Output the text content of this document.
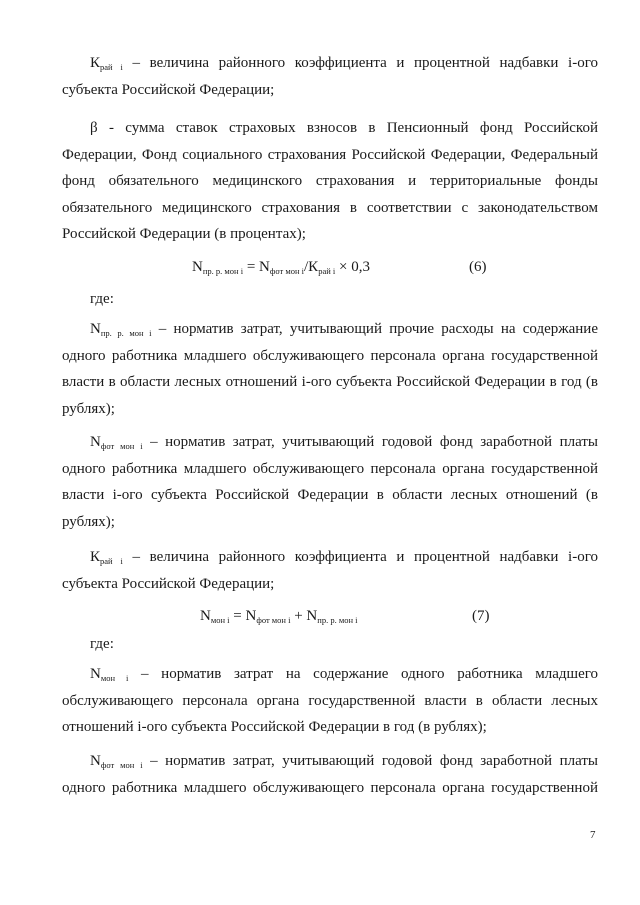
$К_{рай i}$ – величина районного коэффициента и процентной надбавки i-ого субъекта Российской Федерации;

β - сумма ставок страховых взносов в Пенсионный фонд Российской Федерации, Фонд социального страхования Российской Федерации, Федеральный фонд обязательного медицинского страхования и территориальные фонды обязательного медицинского страхования в соответствии с законодательством Российской Федерации (в процентах);

$N_{пр. р. мон i} = N_{фот мон i}/К_{рай i} \times 0,3$	(6)
где:

$N_{пр. р. мон i}$ – норматив затрат, учитывающий прочие расходы на содержание одного работника младшего обслуживающего персонала органа государственной власти в области лесных отношений i-ого субъекта Российской Федерации в год (в рублях);

$N_{фот мон i}$ – норматив затрат, учитывающий годовой фонд заработной платы одного работника младшего обслуживающего персонала органа государственной власти i-ого субъекта Российской Федерации в области лесных отношений (в рублях);

$К_{рай i}$ – величина районного коэффициента и процентной надбавки i-ого субъекта Российской Федерации;

$N_{мон i} = N_{фот мон i} + N_{пр. р. мон i}$	(7)
где:

$N_{мон i}$ – норматив затрат на содержание одного работника младшего обслуживающего персонала органа государственной власти в области лесных отношений i-ого субъекта Российской Федерации в год (в рублях);

$N_{фот мон i}$ – норматив затрат, учитывающий годовой фонд заработной платы одного работника младшего обслуживающего персонала органа государственной

7
